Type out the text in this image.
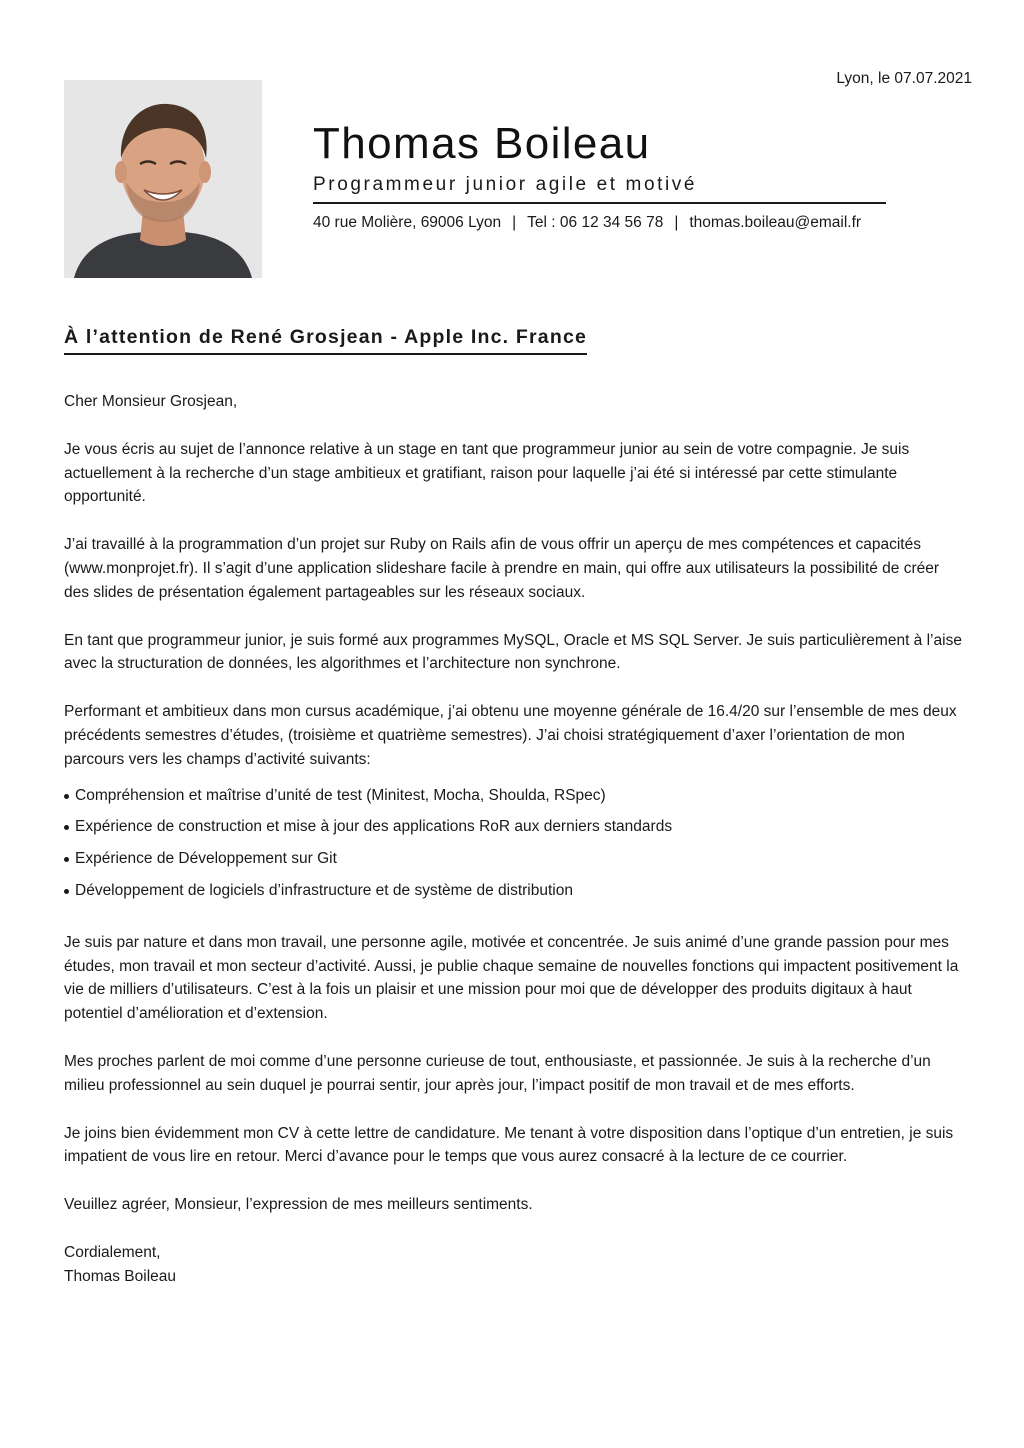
Lyon, le 07.07.2021
Thomas Boileau
Programmeur junior agile et motivé
40 rue Molière, 69006 Lyon | Tel : 06 12 34 56 78 | thomas.boileau@email.fr
À l’attention de René Grosjean - Apple Inc. France

Cher Monsieur Grosjean,

Je vous écris au sujet de l’annonce relative à un stage en tant que programmeur junior au sein de votre compagnie. Je suis actuellement à la recherche d’un stage ambitieux et gratifiant, raison pour laquelle j’ai été si intéressé par cette stimulante opportunité.

J’ai travaillé à la programmation d’un projet sur Ruby on Rails afin de vous offrir un aperçu de mes compétences et capacités (www.monprojet.fr). Il s’agit d’une application slideshare facile à prendre en main, qui offre aux utilisateurs la possibilité de créer des slides de présentation également partageables sur les réseaux sociaux.

En tant que programmeur junior, je suis formé aux programmes MySQL, Oracle et MS SQL Server. Je suis particulièrement à l’aise avec la structuration de données, les algorithmes et l’architecture non synchrone.

Performant et ambitieux dans mon cursus académique, j’ai obtenu une moyenne générale de 16.4/20 sur l’ensemble de mes deux précédents semestres d’études, (troisième et quatrième semestres). J’ai choisi stratégiquement d’axer l’orientation de mon parcours vers les champs d’activité suivants:

Compréhension et maîtrise d’unité de test (Minitest, Mocha, Shoulda, RSpec)
Expérience de construction et mise à jour des applications RoR aux derniers standards
Expérience de Développement sur Git
Développement de logiciels d’infrastructure et de système de distribution

Je suis par nature et dans mon travail, une personne agile, motivée et concentrée. Je suis animé d’une grande passion pour mes études, mon travail et mon secteur d’activité. Aussi, je publie chaque semaine de nouvelles fonctions qui impactent positivement la vie de milliers d’utilisateurs. C’est à la fois un plaisir et une mission pour moi que de développer des produits digitaux à haut potentiel d’amélioration et d’extension.

Mes proches parlent de moi comme d’une personne curieuse de tout, enthousiaste, et passionnée. Je suis à la recherche d’un milieu professionnel au sein duquel je pourrai sentir, jour après jour, l’impact positif de mon travail et de mes efforts.

Je joins bien évidemment mon CV à cette lettre de candidature. Me tenant à votre disposition dans l’optique d’un entretien, je suis impatient de vous lire en retour. Merci d’avance pour le temps que vous aurez consacré à la lecture de ce courrier.

Veuillez agréer, Monsieur, l’expression de mes meilleurs sentiments.

Cordialement,

Thomas Boileau
